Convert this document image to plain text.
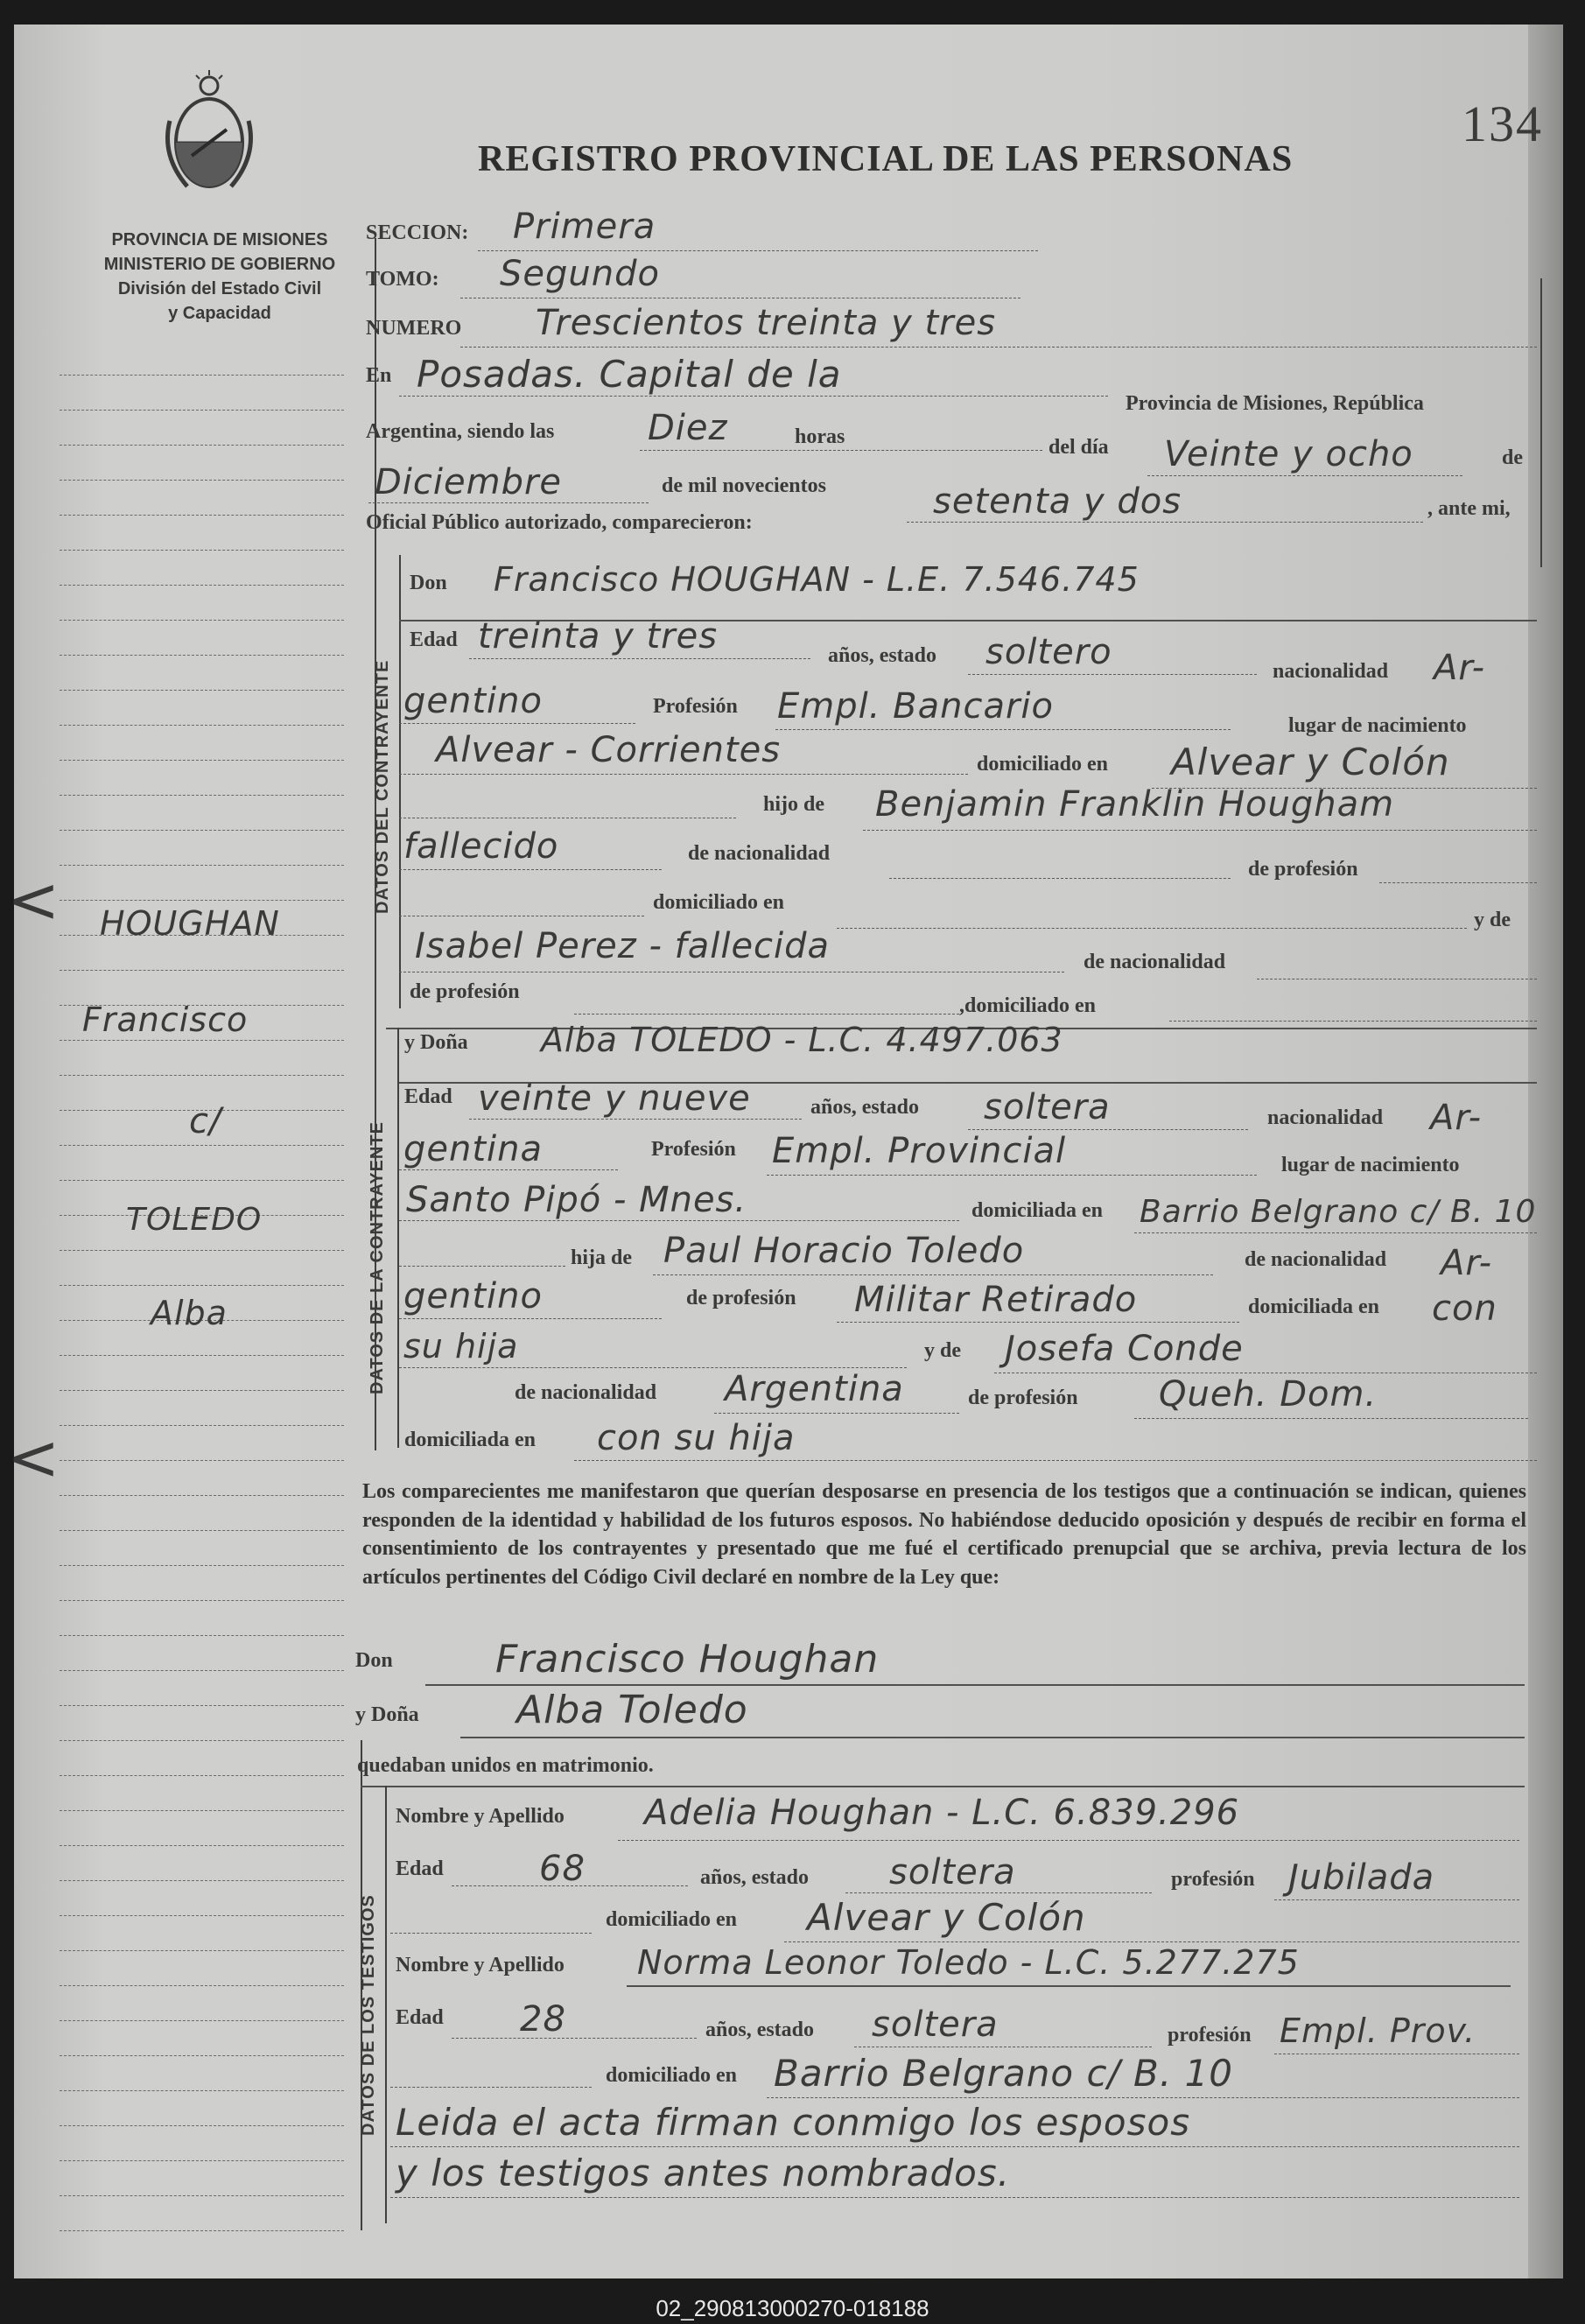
134
REGISTRO PROVINCIAL DE LAS PERSONAS
PROVINCIA DE MISIONES
MINISTERIO DE GOBIERNO
División del Estado Civil
y Capacidad
<
<
HOUGHAN
Francisco
c/
TOLEDO
Alba
SECCION: Primera
TOMO: Segundo
NUMERO Trescientos treinta y tres
En Posadas. Capital de la
Provincia de Misiones, República
Argentina, siendo las	Diez	horas	del día Veinte y ocho	de
Diciembre	de mil novecientos	setenta y dos	, ante mi,
Oficial Público autorizado, comparecieron:
DATOS DEL CONTRAYENTE
Don Francisco HOUGHAN - L.E. 7.546.745
Edad treinta y tres	años, estado soltero	nacionalidad Ar-
gentino	Profesión Empl. Bancario	lugar de nacimiento
Alvear - Corrientes	domiciliado en Alvear y Colón
hijo de Benjamin Franklin Hougham
fallecido	de nacionalidad
de profesión
domiciliado en
y de
Isabel Perez - fallecida	de nacionalidad
de profesión
,domiciliado en
DATOS DE LA CONTRAYENTE
y Doña Alba TOLEDO - L.C. 4.497.063
Edad veinte y nueve	años, estado soltera	nacionalidad Ar-
gentina	Profesión Empl. Provincial	lugar de nacimiento
Santo Pipó - Mnes.	domiciliada en Barrio Belgrano c/ B. 10
hija de Paul Horacio Toledo	de nacionalidad Ar-
gentino	de profesión Militar Retirado	domiciliada en con
su hija	y de Josefa Conde
de nacionalidad Argentina	de profesión Queh. Dom.
domiciliada en con su hija
Los comparecientes me manifestaron que querían desposarse en presencia de los testigos que a continuación se indican, quienes responden de la identidad y habilidad de los futuros esposos. No habiéndose deducido oposición y después de recibir en forma el consentimiento de los contrayentes y presentado que me fué el certificado prenupcial que se archiva, previa lectura de los artículos pertinentes del Código Civil declaré en nombre de la Ley que:
Don	Francisco Houghan
y Doña	Alba Toledo
quedaban unidos en matrimonio.
DATOS DE LOS TESTIGOS
Nombre y Apellido Adelia Houghan - L.C. 6.839.296
Edad	68	años, estado soltera	profesión Jubilada
domiciliado en Alvear y Colón
Nombre y Apellido Norma Leonor Toledo - L.C. 5.277.275
Edad 28	años, estado soltera	profesión Empl. Prov.
domiciliado en Barrio Belgrano c/ B. 10
Leida el acta firman conmigo los esposos
y los testigos antes nombrados.
02_290813000270-018188
